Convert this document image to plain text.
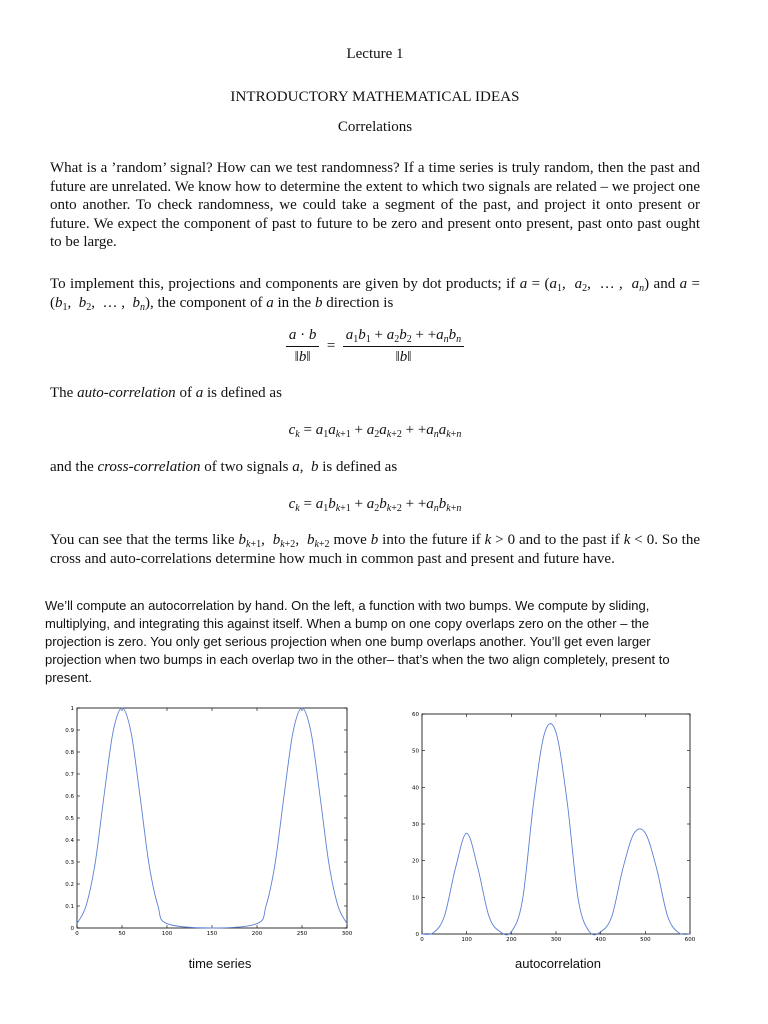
Lecture 1
INTRODUCTORY MATHEMATICAL IDEAS
Correlations

What is a ’random’ signal? How can we test randomness? If a time series is truly random, then the past and future are unrelated. We know how to determine the extent to which two signals are related – we project one onto another. To check randomness, we could take a segment of the past, and project it onto present or future. We expect the component of past to future to be zero and present onto present, past onto past ought to be large.

To implement this, projections and components are given by dot products; if $a = (a_1$,  $a_2$,  … ,  $a_n$) and $a = (b_1$,  $b_2$,  … ,  $b_n$), the component of a in the b direction is

$\frac{a \cdot b}{‖b‖} = \frac{a_1b_1 + a_2b_2 + +a_nb_n}{‖b‖}$

The auto-correlation of a is defined as

$c_k = a_1a_{k+1} + a_2a_{k+2} + +a_na_{k+n}$

and the cross-correlation of two signals a,  b is defined as

$c_k = a_1b_{k+1} + a_2b_{k+2} + +a_nb_{k+n}$

You can see that the terms like $b_{k+1}$,  $b_{k+2}$,  $b_{k+2}$ move b into the future if k > 0 and to the past if k < 0. So the cross and auto-correlations determine how much in common past and present and future have.

We’ll compute an autocorrelation by hand. On the left, a function with two bumps. We compute by sliding, multiplying, and integrating this against itself. When a bump on one copy overlaps zero on the other – the projection is zero. You only get serious projection when one bump overlaps another. You’ll get even larger projection when two bumps in each overlap two in the other– that’s when the two align completely, present to present.

0	50	100	150	200	250	300
0
0.1
0.2
0.3
0.4
0.5
0.6
0.7
0.8
0.9
1
0	100	200	300	400	500	600
0
10
20
30
40
50
60
time series	autocorrelation
